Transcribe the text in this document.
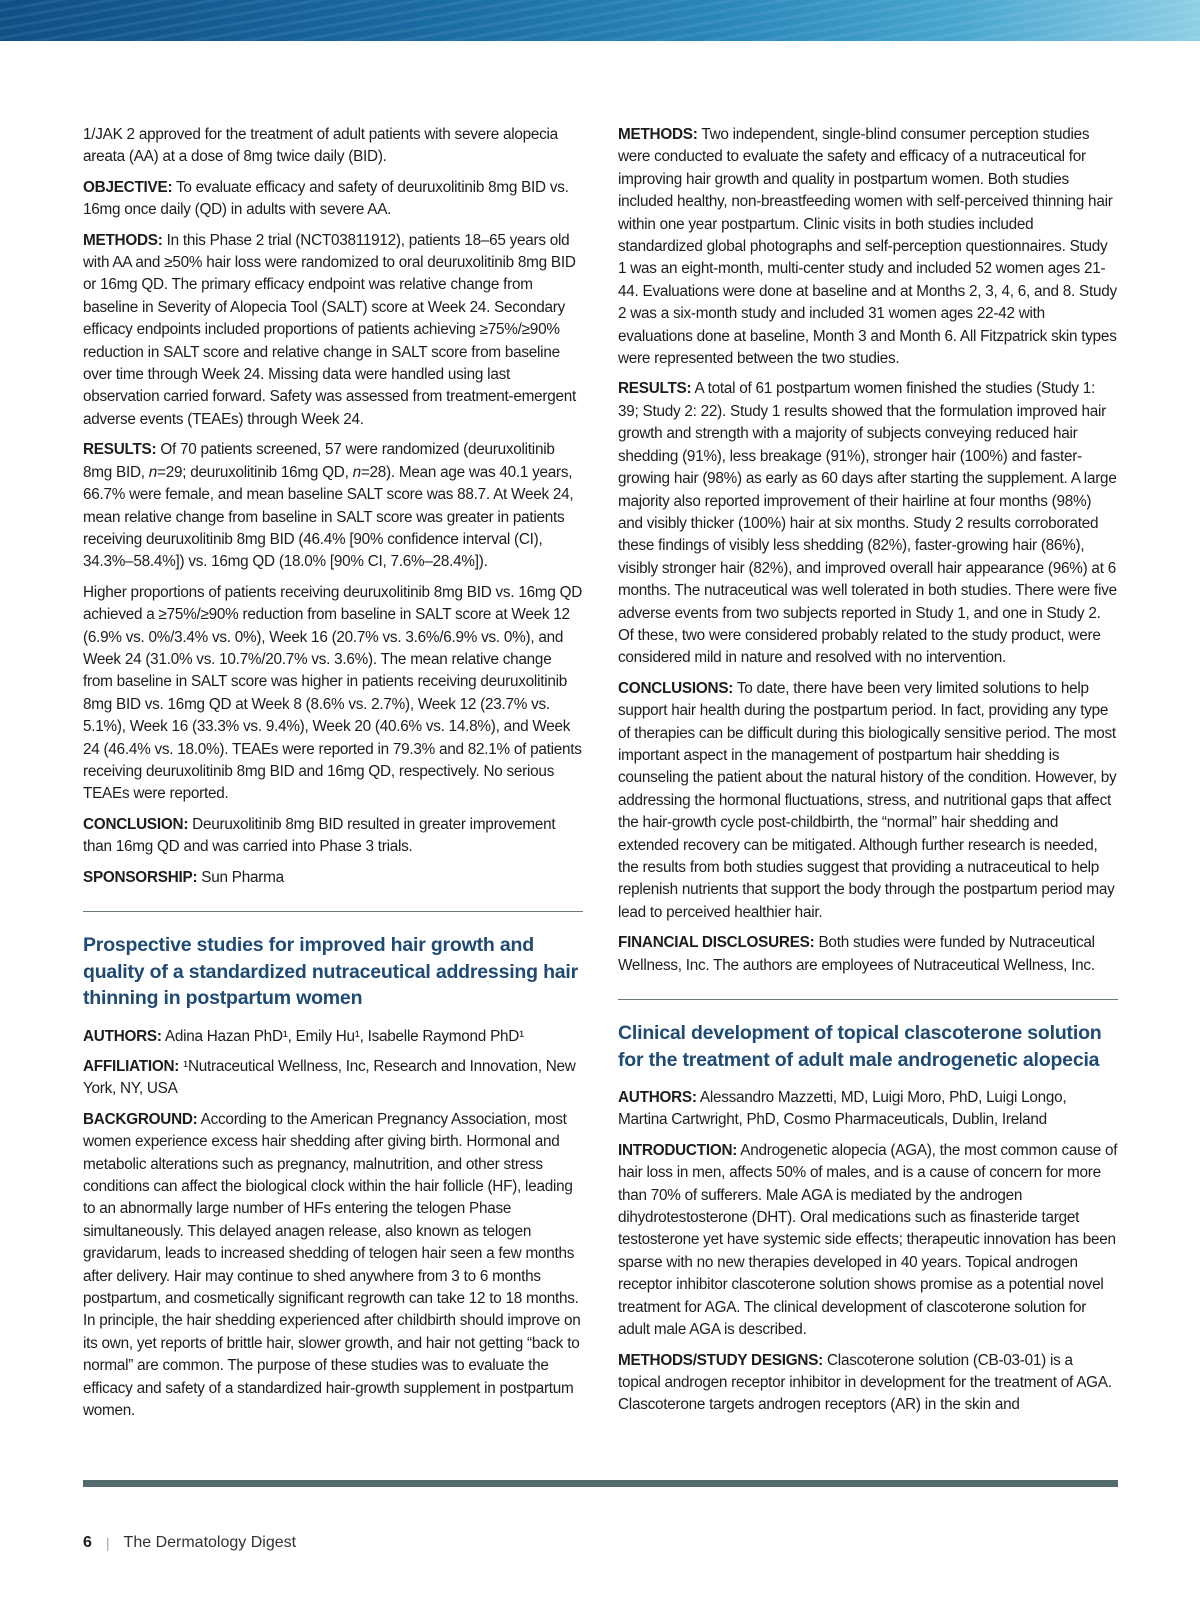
1/JAK 2 approved for the treatment of adult patients with severe alopecia areata (AA) at a dose of 8mg twice daily (BID).

OBJECTIVE: To evaluate efficacy and safety of deuruxolitinib 8mg BID vs. 16mg once daily (QD) in adults with severe AA.

METHODS: In this Phase 2 trial (NCT03811912), patients 18–65 years old with AA and ≥50% hair loss were randomized to oral deuruxolitinib 8mg BID or 16mg QD. The primary efficacy endpoint was relative change from baseline in Severity of Alopecia Tool (SALT) score at Week 24. Secondary efficacy endpoints included proportions of patients achieving ≥75%/≥90% reduction in SALT score and relative change in SALT score from baseline over time through Week 24. Missing data were handled using last observation carried forward. Safety was assessed from treatment-emergent adverse events (TEAEs) through Week 24.

RESULTS: Of 70 patients screened, 57 were randomized (deuruxolitinib 8mg BID, n=29; deuruxolitinib 16mg QD, n=28). Mean age was 40.1 years, 66.7% were female, and mean baseline SALT score was 88.7. At Week 24, mean relative change from baseline in SALT score was greater in patients receiving deuruxolitinib 8mg BID (46.4% [90% confidence interval (CI), 34.3%–58.4%]) vs. 16mg QD (18.0% [90% CI, 7.6%–28.4%]).

Higher proportions of patients receiving deuruxolitinib 8mg BID vs. 16mg QD achieved a ≥75%/≥90% reduction from baseline in SALT score at Week 12 (6.9% vs. 0%/3.4% vs. 0%), Week 16 (20.7% vs. 3.6%/6.9% vs. 0%), and Week 24 (31.0% vs. 10.7%/20.7% vs. 3.6%). The mean relative change from baseline in SALT score was higher in patients receiving deuruxolitinib 8mg BID vs. 16mg QD at Week 8 (8.6% vs. 2.7%), Week 12 (23.7% vs. 5.1%), Week 16 (33.3% vs. 9.4%), Week 20 (40.6% vs. 14.8%), and Week 24 (46.4% vs. 18.0%). TEAEs were reported in 79.3% and 82.1% of patients receiving deuruxolitinib 8mg BID and 16mg QD, respectively. No serious TEAEs were reported.

CONCLUSION: Deuruxolitinib 8mg BID resulted in greater improvement than 16mg QD and was carried into Phase 3 trials.

SPONSORSHIP: Sun Pharma

Prospective studies for improved hair growth and quality of a standardized nutraceutical addressing hair thinning in postpartum women

AUTHORS: Adina Hazan PhD¹, Emily Hu¹, Isabelle Raymond PhD¹

AFFILIATION: ¹Nutraceutical Wellness, Inc, Research and Innovation, New York, NY, USA

BACKGROUND: According to the American Pregnancy Association, most women experience excess hair shedding after giving birth. Hormonal and metabolic alterations such as pregnancy, malnutrition, and other stress conditions can affect the biological clock within the hair follicle (HF), leading to an abnormally large number of HFs entering the telogen Phase simultaneously. This delayed anagen release, also known as telogen gravidarum, leads to increased shedding of telogen hair seen a few months after delivery. Hair may continue to shed anywhere from 3 to 6 months postpartum, and cosmetically significant regrowth can take 12 to 18 months. In principle, the hair shedding experienced after childbirth should improve on its own, yet reports of brittle hair, slower growth, and hair not getting “back to normal” are common. The purpose of these studies was to evaluate the efficacy and safety of a standardized hair-growth supplement in postpartum women.

METHODS: Two independent, single-blind consumer perception studies were conducted to evaluate the safety and efficacy of a nutraceutical for improving hair growth and quality in postpartum women. Both studies included healthy, non-breastfeeding women with self-perceived thinning hair within one year postpartum. Clinic visits in both studies included standardized global photographs and self-perception questionnaires. Study 1 was an eight-month, multi-center study and included 52 women ages 21-44. Evaluations were done at baseline and at Months 2, 3, 4, 6, and 8. Study 2 was a six-month study and included 31 women ages 22-42 with evaluations done at baseline, Month 3 and Month 6. All Fitzpatrick skin types were represented between the two studies.

RESULTS: A total of 61 postpartum women finished the studies (Study 1: 39; Study 2: 22). Study 1 results showed that the formulation improved hair growth and strength with a majority of subjects conveying reduced hair shedding (91%), less breakage (91%), stronger hair (100%) and faster-growing hair (98%) as early as 60 days after starting the supplement. A large majority also reported improvement of their hairline at four months (98%) and visibly thicker (100%) hair at six months. Study 2 results corroborated these findings of visibly less shedding (82%), faster-growing hair (86%), visibly stronger hair (82%), and improved overall hair appearance (96%) at 6 months. The nutraceutical was well tolerated in both studies. There were five adverse events from two subjects reported in Study 1, and one in Study 2. Of these, two were considered probably related to the study product, were considered mild in nature and resolved with no intervention.

CONCLUSIONS: To date, there have been very limited solutions to help support hair health during the postpartum period. In fact, providing any type of therapies can be difficult during this biologically sensitive period. The most important aspect in the management of postpartum hair shedding is counseling the patient about the natural history of the condition. However, by addressing the hormonal fluctuations, stress, and nutritional gaps that affect the hair-growth cycle post-childbirth, the “normal” hair shedding and extended recovery can be mitigated. Although further research is needed, the results from both studies suggest that providing a nutraceutical to help replenish nutrients that support the body through the postpartum period may lead to perceived healthier hair.

FINANCIAL DISCLOSURES: Both studies were funded by Nutraceutical Wellness, Inc. The authors are employees of Nutraceutical Wellness, Inc.

Clinical development of topical clascoterone solution for the treatment of adult male androgenetic alopecia

AUTHORS: Alessandro Mazzetti, MD, Luigi Moro, PhD, Luigi Longo, Martina Cartwright, PhD, Cosmo Pharmaceuticals, Dublin, Ireland

INTRODUCTION: Androgenetic alopecia (AGA), the most common cause of hair loss in men, affects 50% of males, and is a cause of concern for more than 70% of sufferers. Male AGA is mediated by the androgen dihydrotestosterone (DHT). Oral medications such as finasteride target testosterone yet have systemic side effects; therapeutic innovation has been sparse with no new therapies developed in 40 years. Topical androgen receptor inhibitor clascoterone solution shows promise as a potential novel treatment for AGA. The clinical development of clascoterone solution for adult male AGA is described.

METHODS/STUDY DESIGNS: Clascoterone solution (CB-03-01) is a topical androgen receptor inhibitor in development for the treatment of AGA. Clascoterone targets androgen receptors (AR) in the skin and

6 | The Dermatology Digest
